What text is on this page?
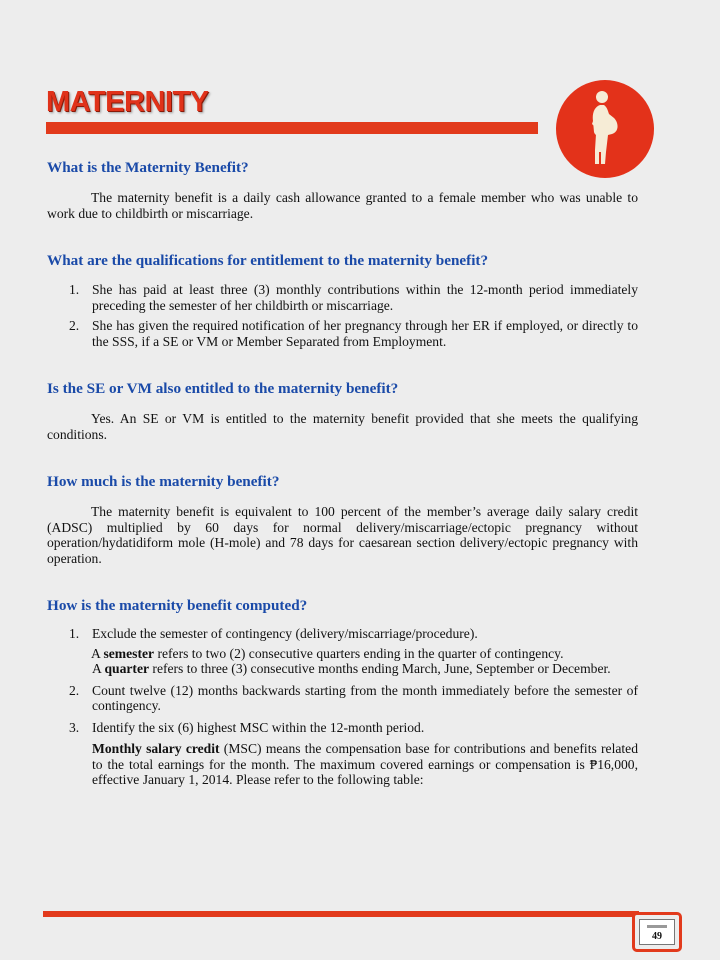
MATERNITY
What is the Maternity Benefit?

The maternity benefit is a daily cash allowance granted to a female member who was unable to work due to childbirth or miscarriage.

What are the qualifications for entitlement to the maternity benefit?
1. She has paid at least three (3) monthly contributions within the 12-month period immediately preceding the semester of her childbirth or miscarriage.
2. She has given the required notification of her pregnancy through her ER if employed, or directly to the SSS, if a SE or VM or Member Separated from Employment.
Is the SE or VM also entitled to the maternity benefit?

Yes. An SE or VM is entitled to the maternity benefit provided that she meets the qualifying conditions.

How much is the maternity benefit?

The maternity benefit is equivalent to 100 percent of the member’s average daily salary credit (ADSC) multiplied by 60 days for normal delivery/miscarriage/ectopic pregnancy without operation/hydatidiform mole (H-mole) and 78 days for caesarean section delivery/ectopic pregnancy with operation.

How is the maternity benefit computed?
1. Exclude the semester of contingency (delivery/miscarriage/procedure).
A semester refers to two (2) consecutive quarters ending in the quarter of contingency.
A quarter refers to three (3) consecutive months ending March, June, September or December.
2. Count twelve (12) months backwards starting from the month immediately before the semester of contingency.
3. Identify the six (6) highest MSC within the 12-month period.
Monthly salary credit (MSC) means the compensation base for contributions and benefits related to the total earnings for the month. The maximum covered earnings or compensation is ₱16,000, effective January 1, 2014. Please refer to the following table:
49
